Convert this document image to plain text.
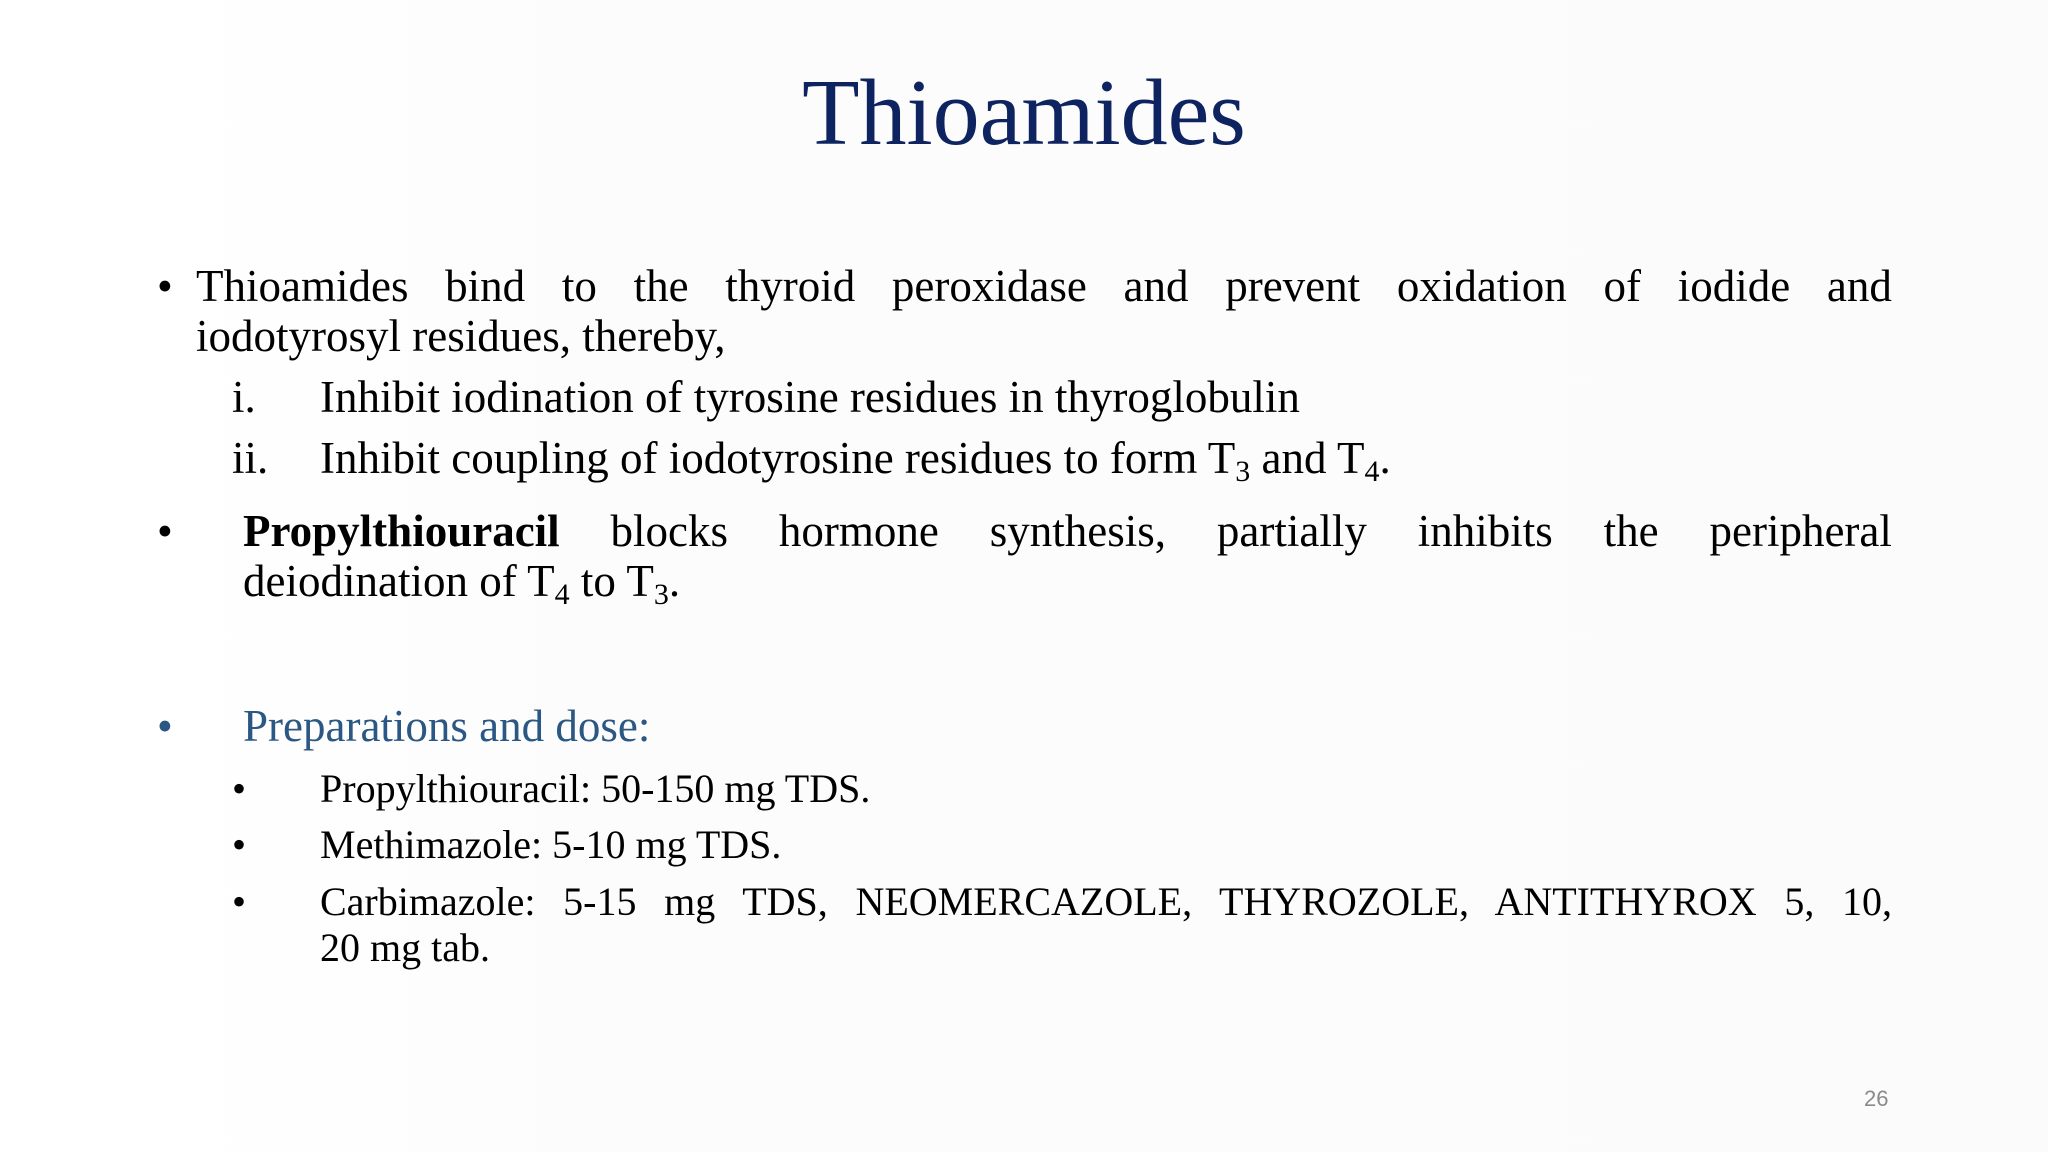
Thioamides
• Thioamides bind to the thyroid peroxidase and prevent oxidation of iodide and
iodotyrosyl residues, thereby,
i. Inhibit iodination of tyrosine residues in thyroglobulin
ii. Inhibit coupling of iodotyrosine residues to form $T_3$ and $T_4$.
• Propylthiouracil blocks hormone synthesis, partially inhibits the peripheral
deiodination of $T_4$ to $T_3$.
• Preparations and dose:
• Propylthiouracil: 50-150 mg TDS.
• Methimazole: 5-10 mg TDS.
• Carbimazole: 5-15 mg TDS, NEOMERCAZOLE, THYROZOLE, ANTITHYROX 5, 10,
20 mg tab.
26
